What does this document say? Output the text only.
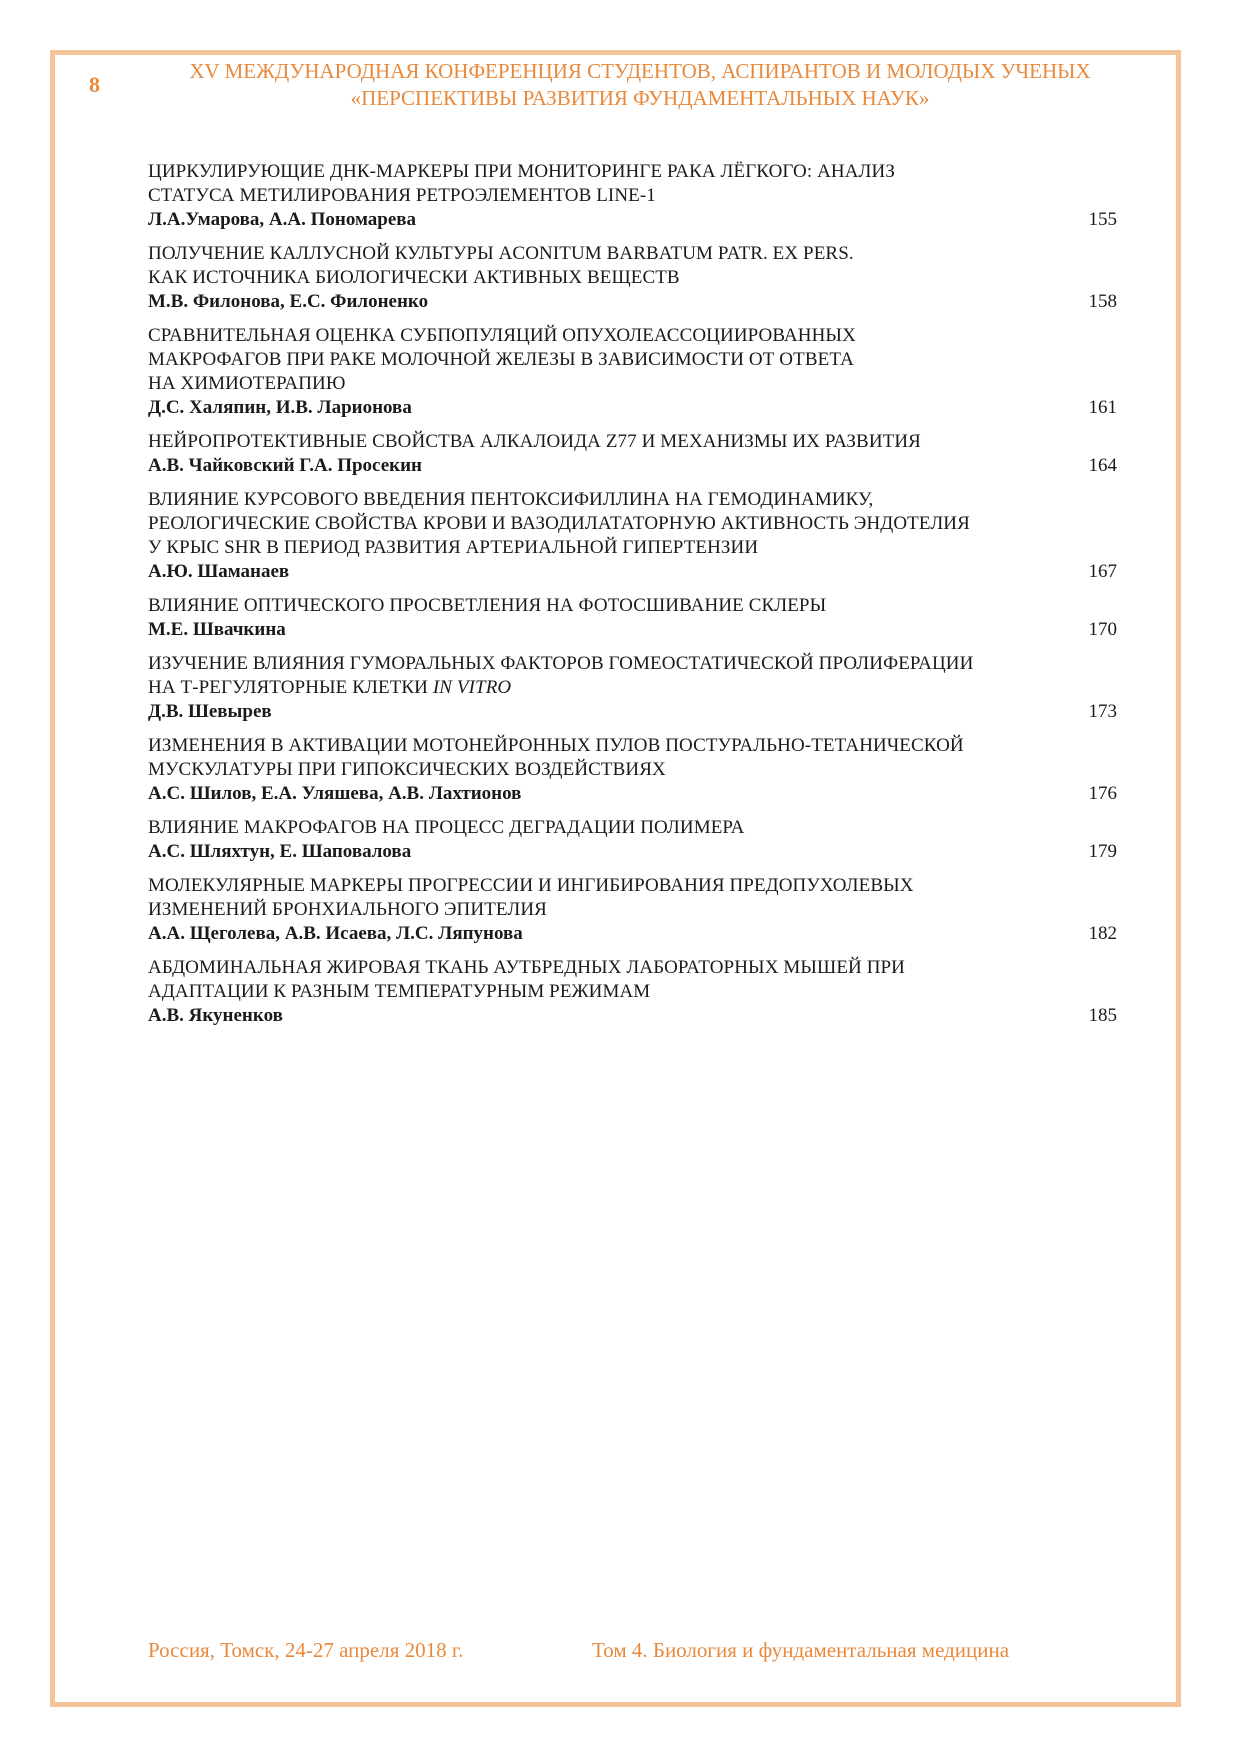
8
XV МЕЖДУНАРОДНАЯ КОНФЕРЕНЦИЯ СТУДЕНТОВ, АСПИРАНТОВ И МОЛОДЫХ УЧЕНЫХ
«ПЕРСПЕКТИВЫ РАЗВИТИЯ ФУНДАМЕНТАЛЬНЫХ НАУК»
ЦИРКУЛИРУЮЩИЕ ДНК-МАРКЕРЫ ПРИ МОНИТОРИНГЕ РАКА ЛЁГКОГО: АНАЛИЗ
СТАТУСА МЕТИЛИРОВАНИЯ РЕТРОЭЛЕМЕНТОВ LINE-1
Л.А.Умарова, А.А. Пономарева	155
ПОЛУЧЕНИЕ КАЛЛУСНОЙ КУЛЬТУРЫ ACONITUM BARBATUM PATR. EX PERS.
КАК ИСТОЧНИКА БИОЛОГИЧЕСКИ АКТИВНЫХ ВЕЩЕСТВ
М.В. Филонова, Е.С. Филоненко	158
СРАВНИТЕЛЬНАЯ ОЦЕНКА СУБПОПУЛЯЦИЙ ОПУХОЛЕАССОЦИИРОВАННЫХ
МАКРОФАГОВ ПРИ РАКЕ МОЛОЧНОЙ ЖЕЛЕЗЫ В ЗАВИСИМОСТИ ОТ ОТВЕТА
НА ХИМИОТЕРАПИЮ
Д.С. Халяпин, И.В. Ларионова	161
НЕЙРОПРОТЕКТИВНЫЕ СВОЙСТВА АЛКАЛОИДА Z77 И МЕХАНИЗМЫ ИХ РАЗВИТИЯ
А.В. Чайковский Г.А. Просекин	164
ВЛИЯНИЕ КУРСОВОГО ВВЕДЕНИЯ ПЕНТОКСИФИЛЛИНА НА ГЕМОДИНАМИКУ,
РЕОЛОГИЧЕСКИЕ СВОЙСТВА КРОВИ И ВАЗОДИЛАТАТОРНУЮ АКТИВНОСТЬ ЭНДОТЕЛИЯ
У КРЫС SHR В ПЕРИОД РАЗВИТИЯ АРТЕРИАЛЬНОЙ ГИПЕРТЕНЗИИ
А.Ю. Шаманаев	167
ВЛИЯНИЕ ОПТИЧЕСКОГО ПРОСВЕТЛЕНИЯ НА ФОТОСШИВАНИЕ СКЛЕРЫ
М.Е. Швачкина	170
ИЗУЧЕНИЕ ВЛИЯНИЯ ГУМОРАЛЬНЫХ ФАКТОРОВ ГОМЕОСТАТИЧЕСКОЙ ПРОЛИФЕРАЦИИ
НА Т-РЕГУЛЯТОРНЫЕ КЛЕТКИ IN VITRO
Д.В. Шевырев	173
ИЗМЕНЕНИЯ В АКТИВАЦИИ МОТОНЕЙРОННЫХ ПУЛОВ ПОСТУРАЛЬНО-ТЕТАНИЧЕСКОЙ
МУСКУЛАТУРЫ ПРИ ГИПОКСИЧЕСКИХ ВОЗДЕЙСТВИЯХ
А.С. Шилов, Е.А. Уляшева, А.В. Лахтионов	176
ВЛИЯНИЕ МАКРОФАГОВ НА ПРОЦЕСС ДЕГРАДАЦИИ ПОЛИМЕРА
А.С. Шляхтун, Е. Шаповалова	179
МОЛЕКУЛЯРНЫЕ МАРКЕРЫ ПРОГРЕССИИ И ИНГИБИРОВАНИЯ ПРЕДОПУХОЛЕВЫХ
ИЗМЕНЕНИЙ БРОНХИАЛЬНОГО ЭПИТЕЛИЯ
А.А. Щеголева, А.В. Исаева, Л.С. Ляпунова	182
АБДОМИНАЛЬНАЯ ЖИРОВАЯ ТКАНЬ АУТБРЕДНЫХ ЛАБОРАТОРНЫХ МЫШЕЙ ПРИ
АДАПТАЦИИ К РАЗНЫМ ТЕМПЕРАТУРНЫМ РЕЖИМАМ
А.В. Якуненков	185
Россия, Томск, 24-27 апреля 2018 г.	Том 4. Биология и фундаментальная медицина
